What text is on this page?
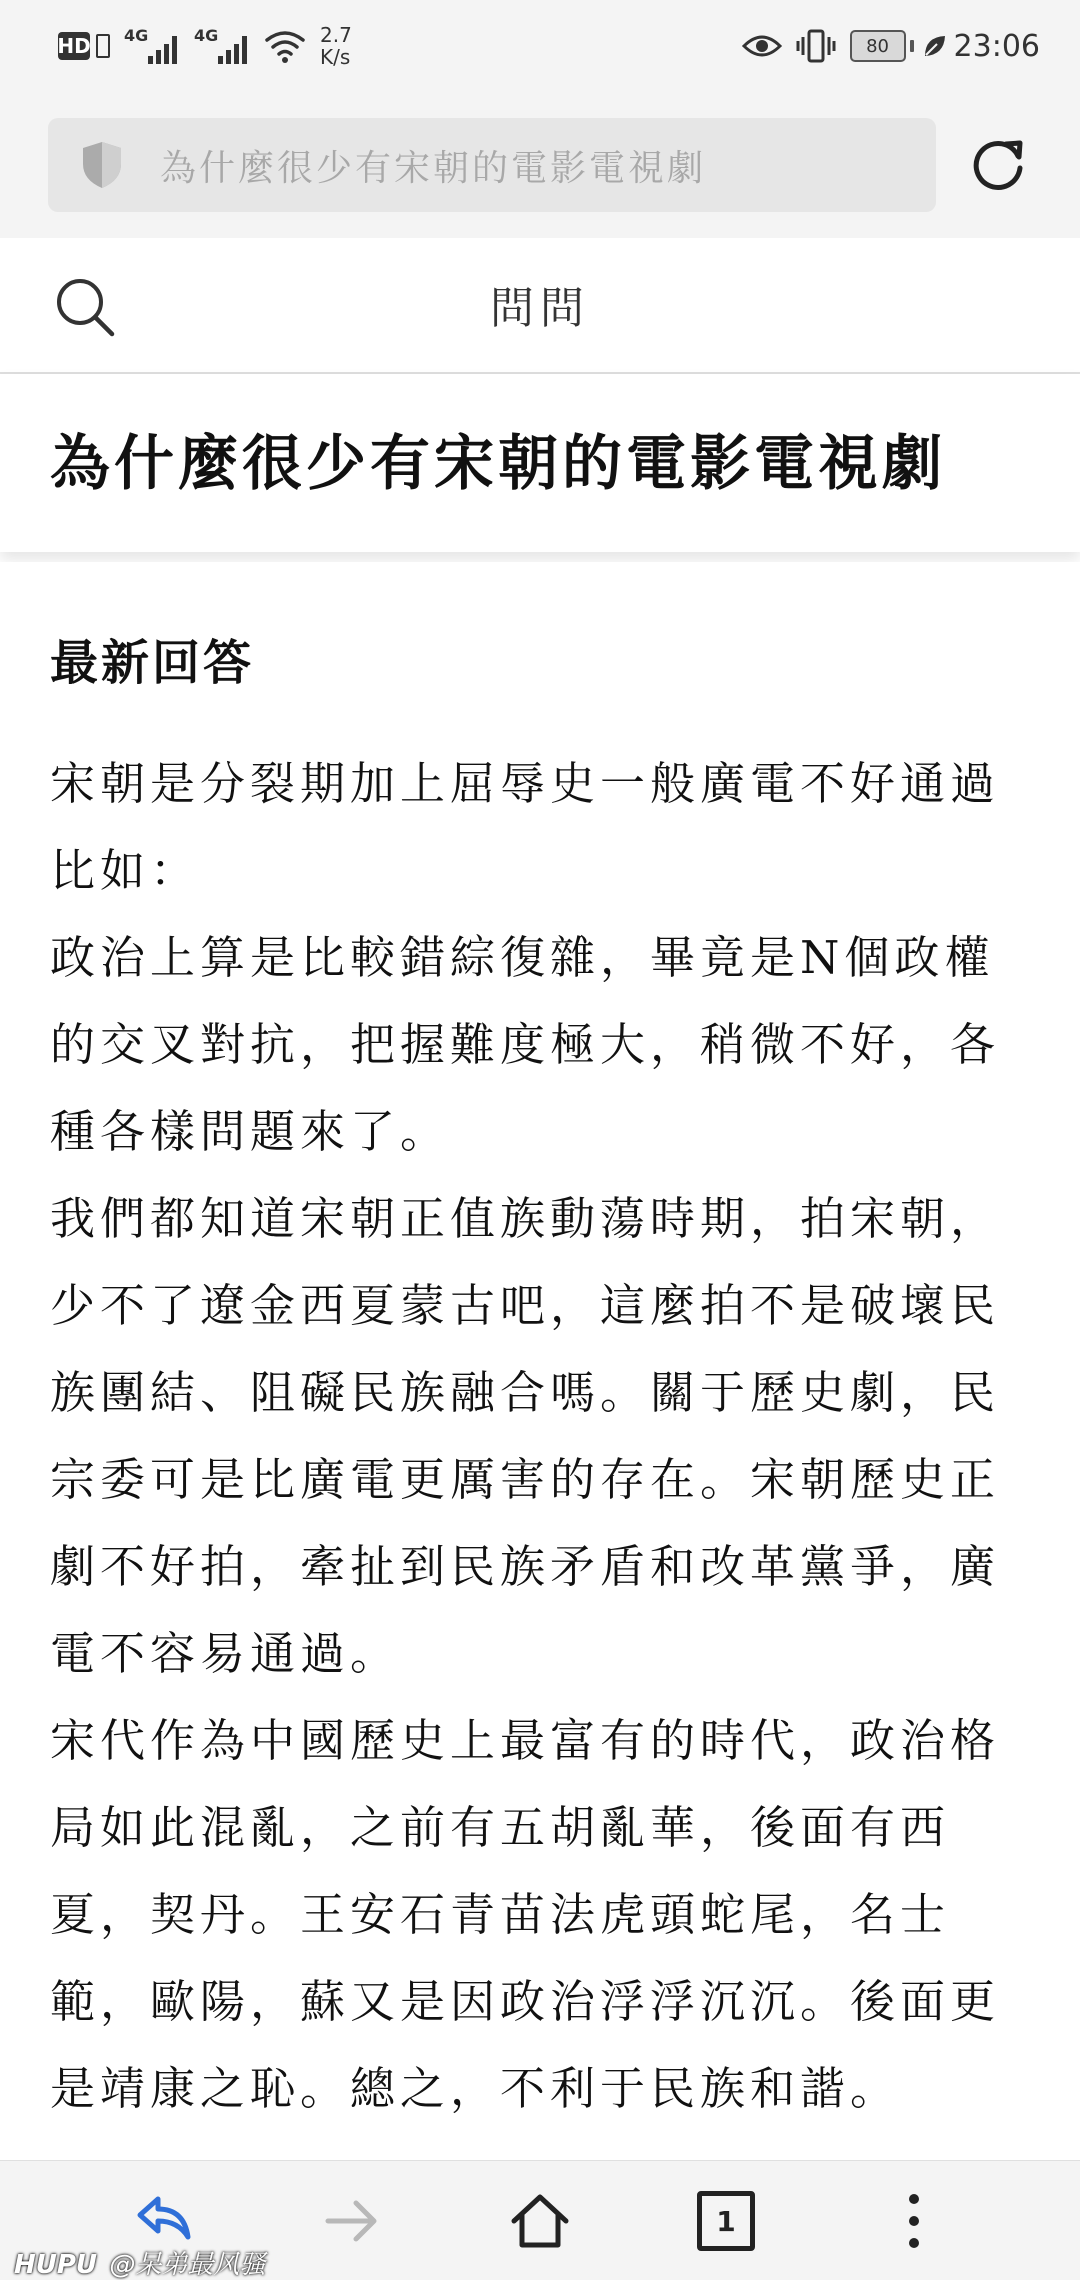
HD 4G	4G	2.7
K/s	80 23:06
為什麼很少有宋朝的電影電視劇
問問
為什麼很少有宋朝的電影電視劇
最新回答

宋朝是分裂期加上屈辱史一般廣電不好通過比如：

政治上算是比較錯綜復雜，畢竟是N個政權的交叉對抗，把握難度極大，稍微不好，各種各樣問題來了。

我們都知道宋朝正值族動蕩時期，拍宋朝，少不了遼金西夏蒙古吧，這麼拍不是破壞民族團結、阻礙民族融合嗎。關于歷史劇，民宗委可是比廣電更厲害的存在。宋朝歷史正劇不好拍，牽扯到民族矛盾和改革黨爭，廣電不容易通過。

宋代作為中國歷史上最富有的時代，政治格局如此混亂，之前有五胡亂華，後面有西夏，契丹。王安石青苗法虎頭蛇尾，名士範，歐陽，蘇又是因政治浮浮沉沉。後面更是靖康之恥。總之，不利于民族和諧。

1
HUPU @呆弟最风骚
